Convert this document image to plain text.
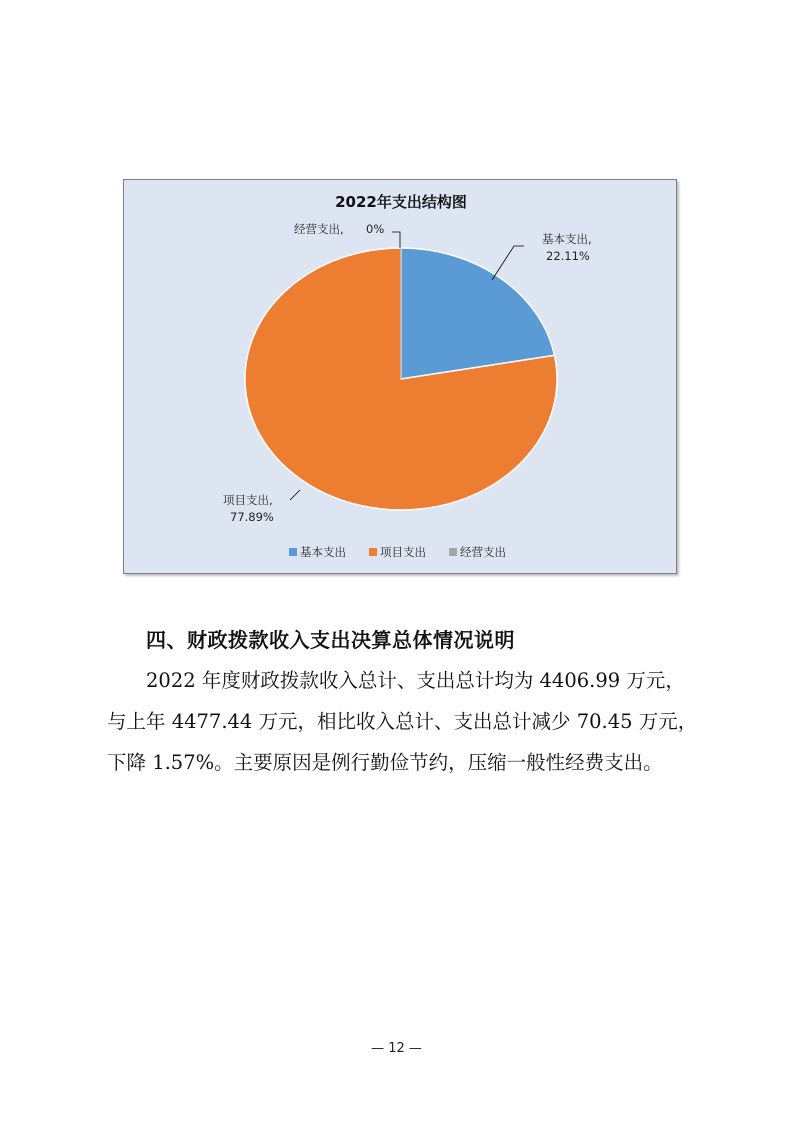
2022年支出结构图
基本支出,
22.11%
经营支出, 0%
项目支出,
77.89%
基本支出	项目支出	经营支出
四、财政拨款收入支出决算总体情况说明
2022 年度财政拨款收入总计、支出总计均为 4406.99 万元，
与上年 4477.44 万元，相比收入总计、支出总计减少 70.45 万元，
下降 1.57%。主要原因是例行勤俭节约，压缩一般性经费支出。
— 12 —
